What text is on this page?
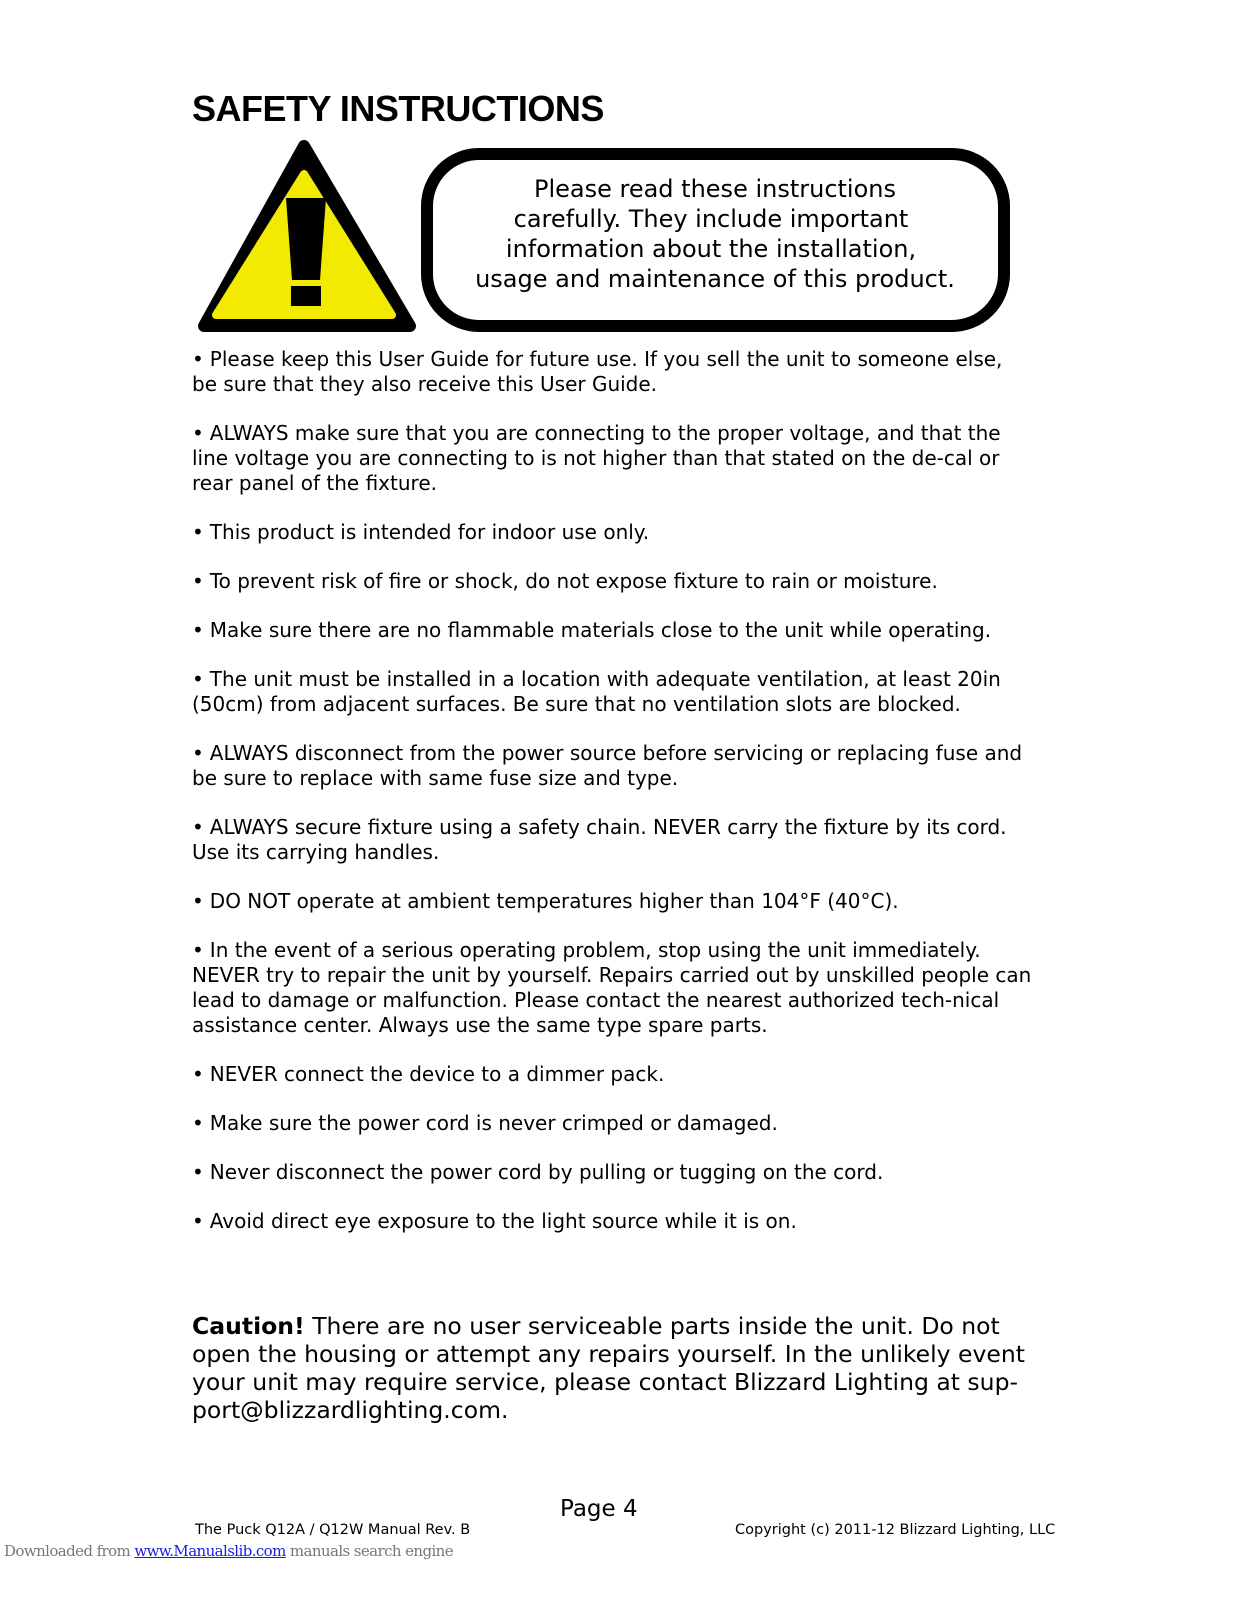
SAFETY INSTRUCTIONS
Please read these instructions
carefully. They include important
information about the installation,
usage and maintenance of this product.

• Please keep this User Guide for future use. If you sell the unit to someone else, be sure that they also receive this User Guide.

• ALWAYS make sure that you are connecting to the proper voltage, and that the line voltage you are connecting to is not higher than that stated on the de-cal or rear panel of the fixture.

• This product is intended for indoor use only.

• To prevent risk of fire or shock, do not expose fixture to rain or moisture.

• Make sure there are no flammable materials close to the unit while operating.

• The unit must be installed in a location with adequate ventilation, at least 20in (50cm) from adjacent surfaces. Be sure that no ventilation slots are blocked.

• ALWAYS disconnect from the power source before servicing or replacing fuse and be sure to replace with same fuse size and type.

• ALWAYS secure fixture using a safety chain. NEVER carry the fixture by its cord. Use its carrying handles.

• DO NOT operate at ambient temperatures higher than 104°F (40°C).

• In the event of a serious operating problem, stop using the unit immediately. NEVER try to repair the unit by yourself. Repairs carried out by unskilled people can lead to damage or malfunction. Please contact the nearest authorized tech-nical assistance center. Always use the same type spare parts.

• NEVER connect the device to a dimmer pack.

• Make sure the power cord is never crimped or damaged.

• Never disconnect the power cord by pulling or tugging on the cord.

• Avoid direct eye exposure to the light source while it is on.

Caution! There are no user serviceable parts inside the unit. Do not open the housing or attempt any repairs yourself. In the unlikely event your unit may require service, please contact Blizzard Lighting at sup-port@blizzardlighting.com.

Page 4
The Puck Q12A / Q12W Manual Rev. B	Copyright (c) 2011-12 Blizzard Lighting, LLC
Downloaded from www.Manualslib.com manuals search engine
